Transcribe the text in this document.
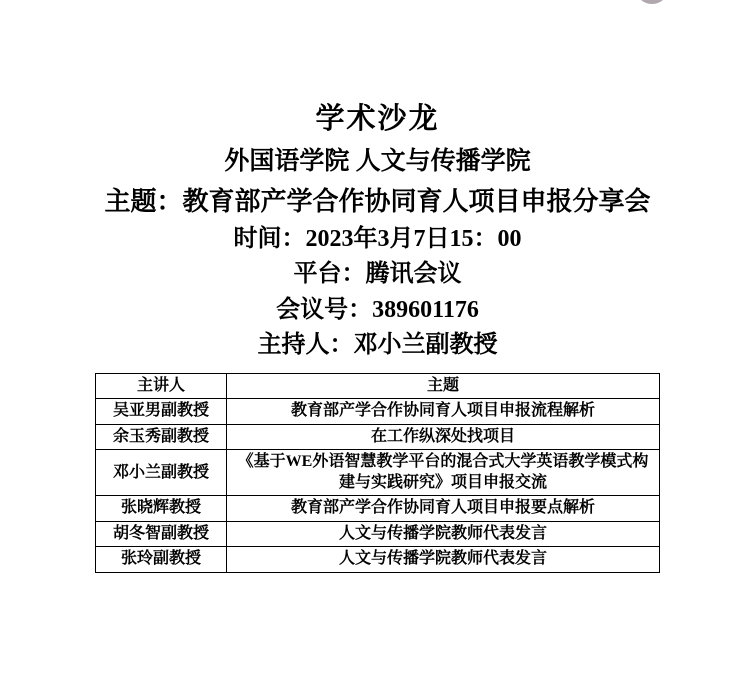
学术沙龙
外国语学院 人文与传播学院
主题：教育部产学合作协同育人项目申报分享会
时间：2023年3月7日15：00
平台：腾讯会议
会议号：389601176
主持人：邓小兰副教授
主讲人	主题
吴亚男副教授	教育部产学合作协同育人项目申报流程解析
余玉秀副教授	在工作纵深处找项目
邓小兰副教授	《基于WE外语智慧教学平台的混合式大学英语教学模式构建与实践研究》项目申报交流
张晓辉教授	教育部产学合作协同育人项目申报要点解析
胡冬智副教授	人文与传播学院教师代表发言
张玲副教授	人文与传播学院教师代表发言
